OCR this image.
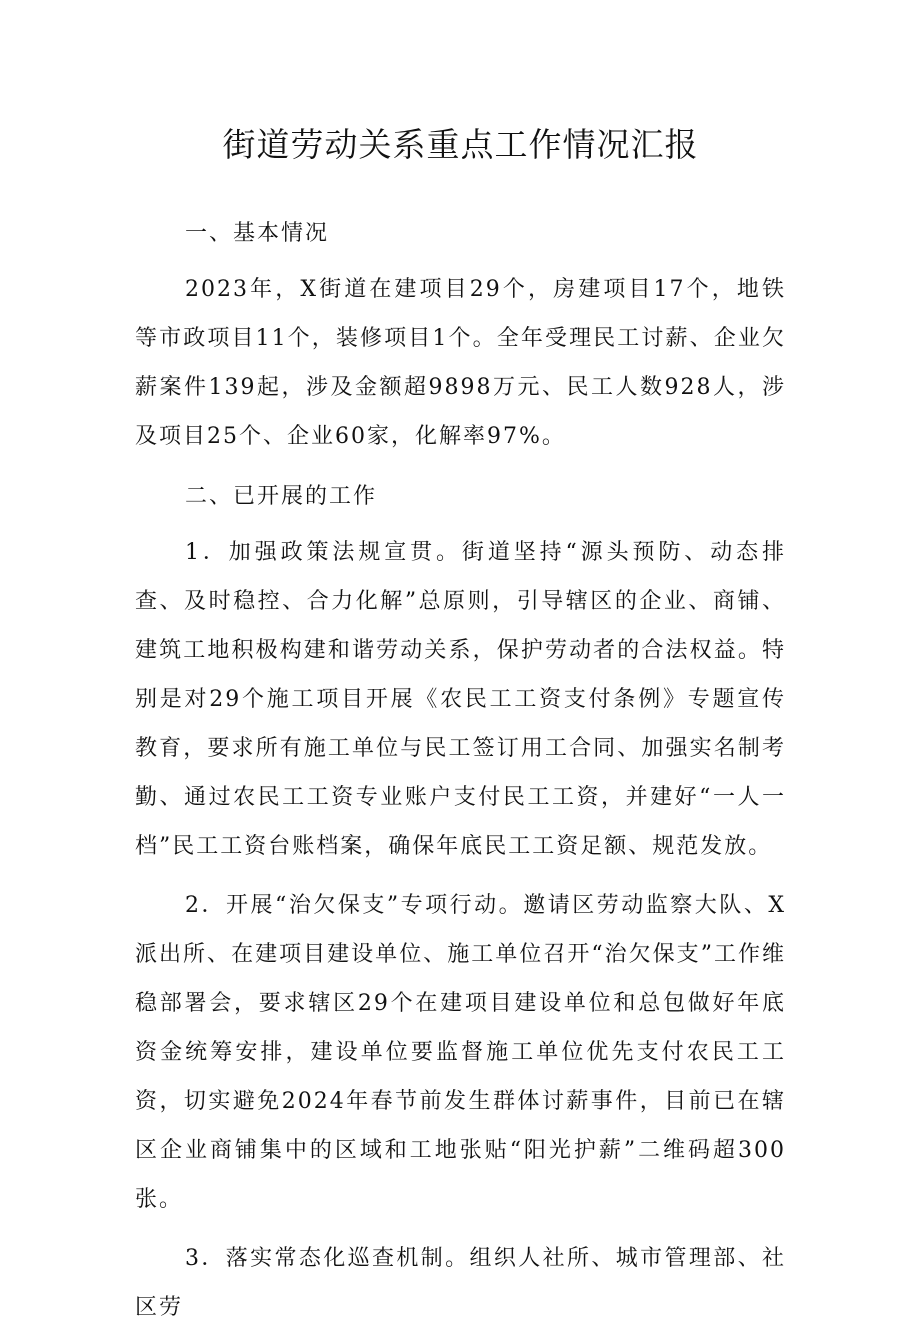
街道劳动关系重点工作情况汇报

一、基本情况

2023年，X街道在建项目29个，房建项目17个，地铁等市政项目11个，装修项目1个。全年受理民工讨薪、企业欠薪案件139起，涉及金额超9898万元、民工人数928人，涉及项目25个、企业60家，化解率97%。

二、已开展的工作

1．加强政策法规宣贯。街道坚持“源头预防、动态排查、及时稳控、合力化解”总原则，引导辖区的企业、商铺、建筑工地积极构建和谐劳动关系，保护劳动者的合法权益。特别是对29个施工项目开展《农民工工资支付条例》专题宣传教育，要求所有施工单位与民工签订用工合同、加强实名制考勤、通过农民工工资专业账户支付民工工资，并建好“一人一档”民工工资台账档案，确保年底民工工资足额、规范发放。

2．开展“治欠保支”专项行动。邀请区劳动监察大队、X派出所、在建项目建设单位、施工单位召开“治欠保支”工作维稳部署会，要求辖区29个在建项目建设单位和总包做好年底资金统筹安排，建设单位要监督施工单位优先支付农民工工资，切实避免2024年春节前发生群体讨薪事件，目前已在辖区企业商铺集中的区域和工地张贴“阳光护薪”二维码超300张。

3．落实常态化巡查机制。组织人社所、城市管理部、社区劳
